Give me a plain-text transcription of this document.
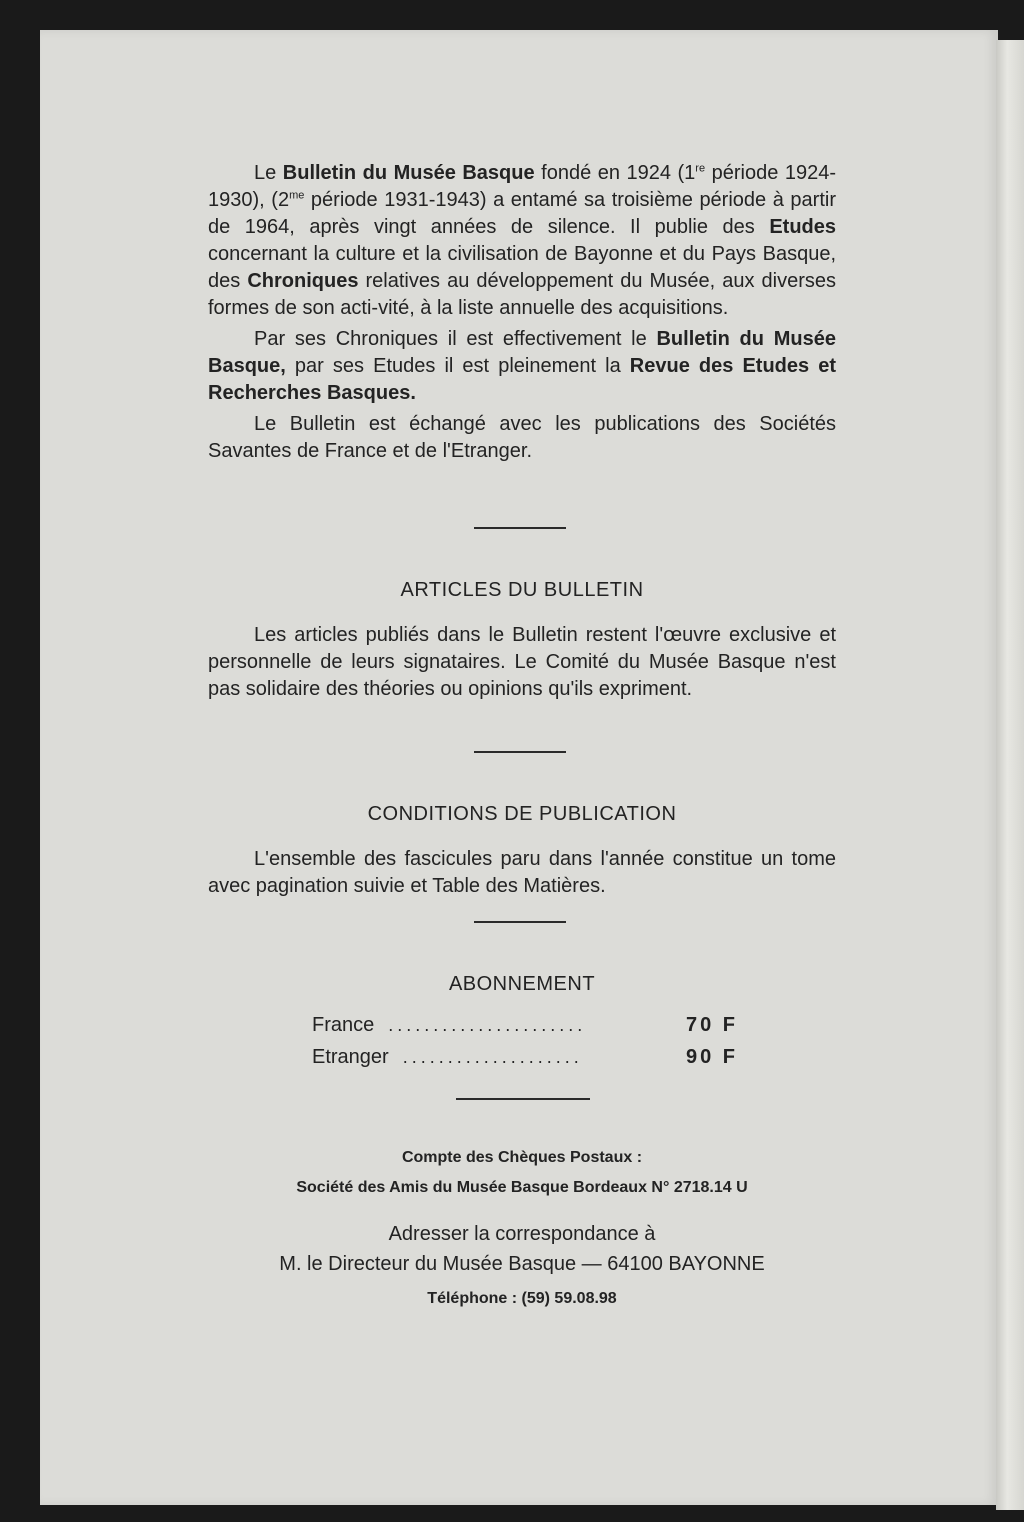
Le Bulletin du Musée Basque fondé en 1924 (1re période 1924-1930), ($2^{me}$ période 1931-1943) a entamé sa troisième période à partir de 1964, après vingt années de silence. Il publie des Etudes concernant la culture et la civilisation de Bayonne et du Pays Basque, des Chroniques relatives au développement du Musée, aux diverses formes de son acti-vité, à la liste annuelle des acquisitions.

Par ses Chroniques il est effectivement le Bulletin du Musée Basque, par ses Etudes il est pleinement la Revue des Etudes et Recherches Basques.

Le Bulletin est échangé avec les publications des Sociétés Savantes de France et de l'Etranger.

ARTICLES DU BULLETIN

Les articles publiés dans le Bulletin restent l'œuvre exclusive et personnelle de leurs signataires. Le Comité du Musée Basque n'est pas solidaire des théories ou opinions qu'ils expriment.

CONDITIONS DE PUBLICATION

L'ensemble des fascicules paru dans l'année constitue un tome avec pagination suivie et Table des Matières.

ABONNEMENT
France ......................	70 F
Etranger ....................	90 F
Compte des Chèques Postaux :
Société des Amis du Musée Basque Bordeaux N° 2718.14 U
Adresser la correspondance à
M. le Directeur du Musée Basque — 64100 BAYONNE
Téléphone : (59) 59.08.98
